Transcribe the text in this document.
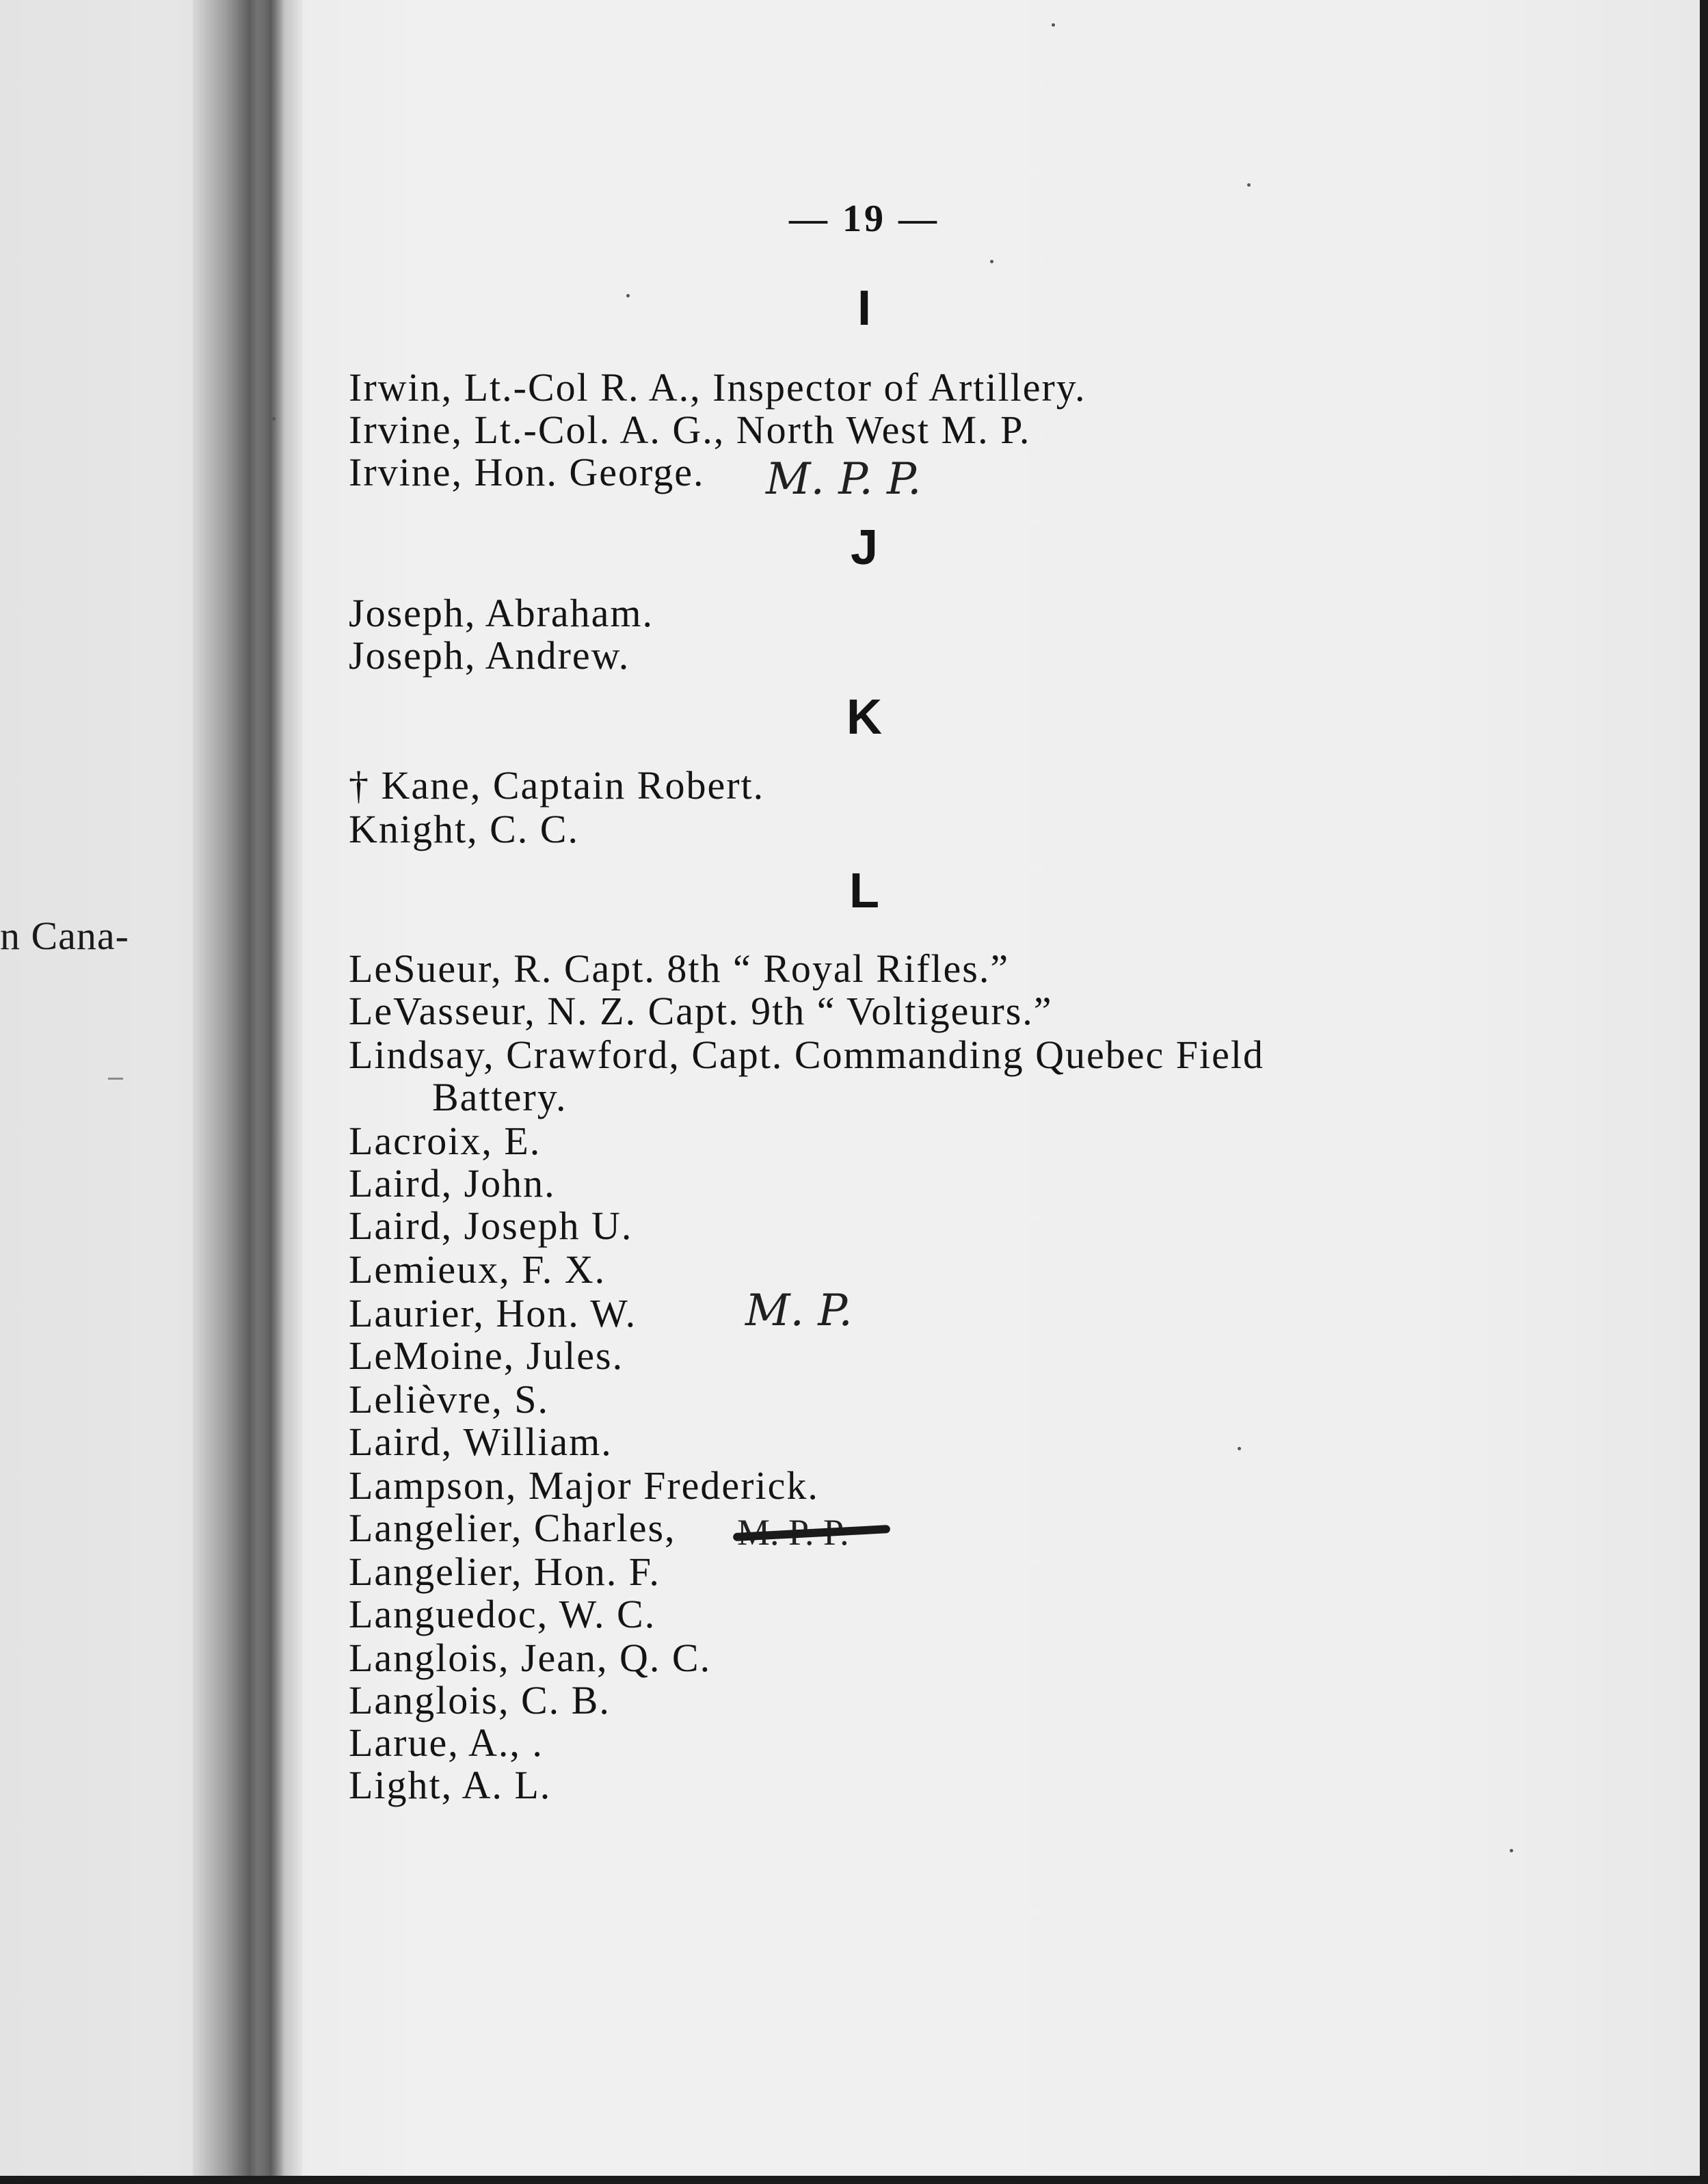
n Cana-
— 19 —
I
Irwin, Lt.-Col R. A., Inspector of Artillery.
Irvine, Lt.-Col. A. G., North West M. P.
Irvine, Hon. George. M. P. P.
J
Joseph, Abraham.
Joseph, Andrew.
K
† Kane, Captain Robert.
Knight, C. C.
L
LeSueur, R. Capt. 8th “ Royal Rifles.”
LeVasseur, N. Z. Capt. 9th “ Voltigeurs.”
Lindsay, Crawford, Capt. Commanding Quebec Field
Battery.
Lacroix, E.
Laird, John.
Laird, Joseph U.
Lemieux, F. X.
Laurier, Hon. W. M. P.
LeMoine, Jules.
Lelièvre, S.
Laird, William.
Lampson, Major Frederick.
Langelier, Charles,
Langelier, Hon. F.
Languedoc, W. C.
Langlois, Jean, Q. C.
Langlois, C. B.
Larue, A., .
Light, A. L.
